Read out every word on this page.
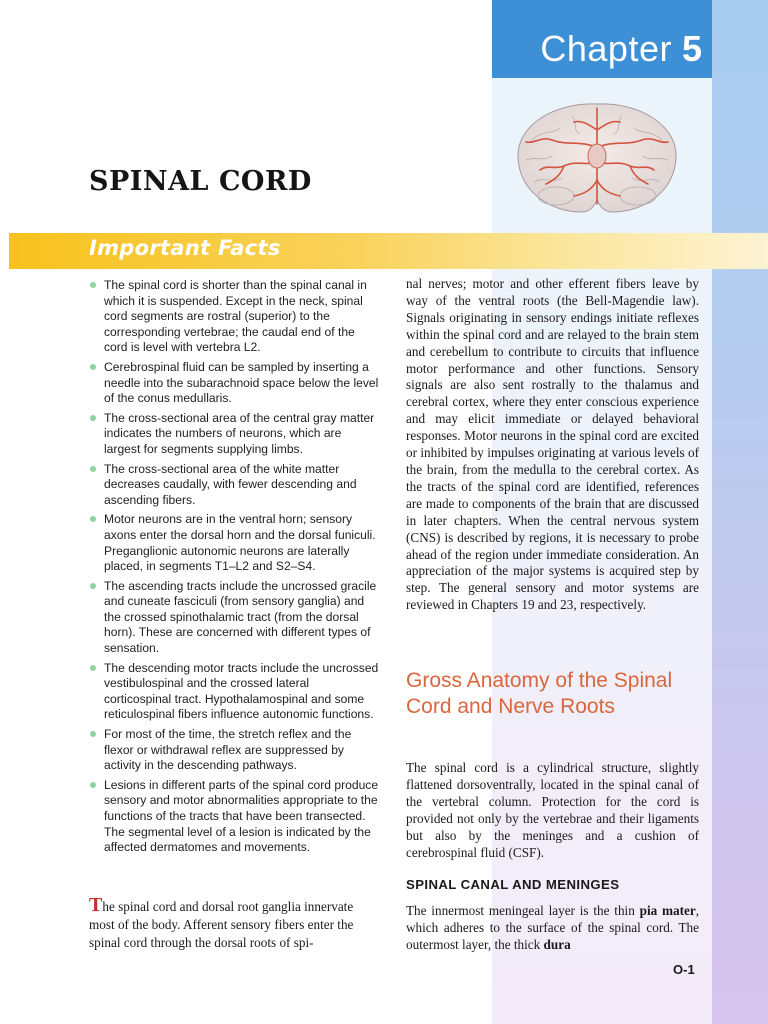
Chapter 5
SPINAL CORD
Important Facts
The spinal cord is shorter than the spinal canal in which it is suspended. Except in the neck, spinal cord segments are rostral (superior) to the corresponding vertebrae; the caudal end of the cord is level with vertebra L2.
Cerebrospinal fluid can be sampled by inserting a needle into the subarachnoid space below the level of the conus medullaris.
The cross-sectional area of the central gray matter indicates the numbers of neurons, which are largest for segments supplying limbs.
The cross-sectional area of the white matter decreases caudally, with fewer descending and ascending fibers.
Motor neurons are in the ventral horn; sensory axons enter the dorsal horn and the dorsal funiculi. Preganglionic autonomic neurons are laterally placed, in segments T1–L2 and S2–S4.
The ascending tracts include the uncrossed gracile and cuneate fasciculi (from sensory ganglia) and the crossed spinothalamic tract (from the dorsal horn). These are concerned with different types of sensation.
The descending motor tracts include the uncrossed vestibulospinal and the crossed lateral corticospinal tract. Hypothalamospinal and some reticulospinal fibers influence autonomic functions.
For most of the time, the stretch reflex and the flexor or withdrawal reflex are suppressed by activity in the descending pathways.
Lesions in different parts of the spinal cord produce sensory and motor abnormalities appropriate to the functions of the tracts that have been transected. The segmental level of a lesion is indicated by the affected dermatomes and movements.
The spinal cord and dorsal root ganglia innervate most of the body. Afferent sensory fibers enter the spinal cord through the dorsal roots of spi-
nal nerves; motor and other efferent fibers leave by way of the ventral roots (the Bell-Magendie law). Signals originating in sensory endings initiate reflexes within the spinal cord and are relayed to the brain stem and cerebellum to contribute to circuits that influence motor performance and other functions. Sensory signals are also sent rostrally to the thalamus and cerebral cortex, where they enter conscious experience and may elicit immediate or delayed behavioral responses. Motor neurons in the spinal cord are excited or inhibited by impulses originating at various levels of the brain, from the medulla to the cerebral cortex. As the tracts of the spinal cord are identified, references are made to components of the brain that are discussed in later chapters. When the central nervous system (CNS) is described by regions, it is necessary to probe ahead of the region under immediate consideration. An appreciation of the major systems is acquired step by step. The general sensory and motor systems are reviewed in Chapters 19 and 23, respectively.
Gross Anatomy of the Spinal Cord and Nerve Roots
The spinal cord is a cylindrical structure, slightly flattened dorsoventrally, located in the spinal canal of the vertebral column. Protection for the cord is provided not only by the vertebrae and their ligaments but also by the meninges and a cushion of cerebrospinal fluid (CSF).
SPINAL CANAL AND MENINGES
The innermost meningeal layer is the thin pia mater, which adheres to the surface of the spinal cord. The outermost layer, the thick dura
O-1
